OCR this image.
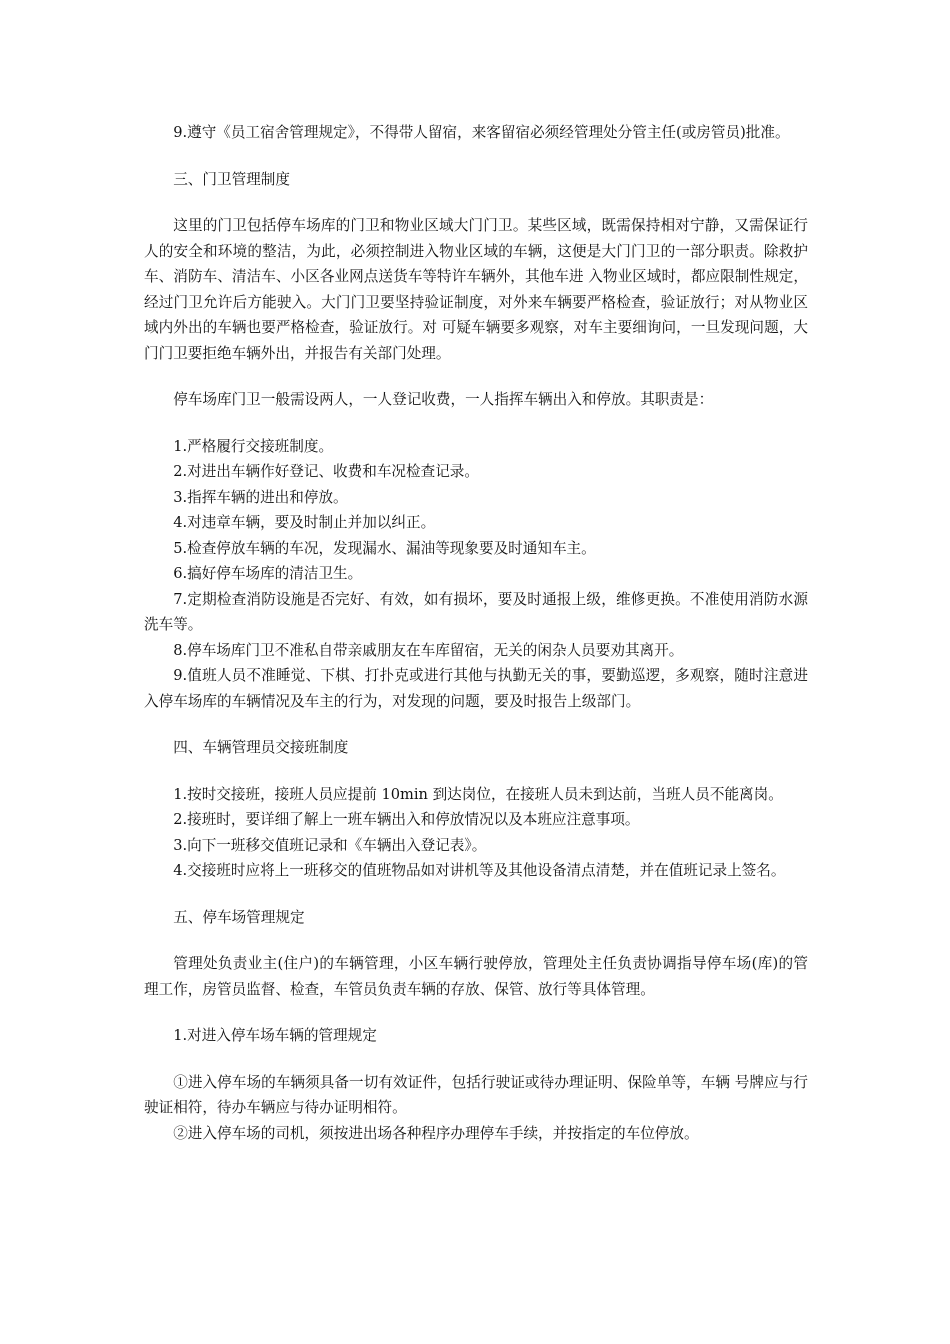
9.遵守《员工宿舍管理规定》，不得带人留宿，来客留宿必须经管理处分管主任(或房管员)批准。

三、门卫管理制度

这里的门卫包括停车场库的门卫和物业区域大门门卫。某些区域，既需保持相对宁静，又需保证行人的安全和环境的整洁，为此，必须控制进入物业区域的车辆，这便是大门门卫的一部分职责。除救护车、消防车、清洁车、小区各业网点送货车等特许车辆外，其他车进 入物业区域时，都应限制性规定，经过门卫允许后方能驶入。大门门卫要坚持验证制度，对外来车辆要严格检查，验证放行；对从物业区域内外出的车辆也要严格检查，验证放行。对 可疑车辆要多观察，对车主要细询问，一旦发现问题，大门门卫要拒绝车辆外出，并报告有关部门处理。

停车场库门卫一般需设两人，一人登记收费，一人指挥车辆出入和停放。其职责是：

1.严格履行交接班制度。

2.对进出车辆作好登记、收费和车况检查记录。

3.指挥车辆的进出和停放。

4.对违章车辆，要及时制止并加以纠正。

5.检查停放车辆的车况，发现漏水、漏油等现象要及时通知车主。

6.搞好停车场库的清洁卫生。

7.定期检查消防设施是否完好、有效，如有损坏，要及时通报上级，维修更换。不准使用消防水源洗车等。

8.停车场库门卫不准私自带亲戚朋友在车库留宿，无关的闲杂人员要劝其离开。

9.值班人员不准睡觉、下棋、打扑克或进行其他与执勤无关的事，要勤巡逻，多观察，随时注意进入停车场库的车辆情况及车主的行为，对发现的问题，要及时报告上级部门。

四、车辆管理员交接班制度

1.按时交接班，接班人员应提前 10min 到达岗位，在接班人员未到达前，当班人员不能离岗。

2.接班时，要详细了解上一班车辆出入和停放情况以及本班应注意事项。

3.向下一班移交值班记录和《车辆出入登记表》。

4.交接班时应将上一班移交的值班物品如对讲机等及其他设备清点清楚，并在值班记录上签名。

五、停车场管理规定

管理处负责业主(住户)的车辆管理，小区车辆行驶停放，管理处主任负责协调指导停车场(库)的管理工作，房管员监督、检查，车管员负责车辆的存放、保管、放行等具体管理。

1.对进入停车场车辆的管理规定

①进入停车场的车辆须具备一切有效证件，包括行驶证或待办理证明、保险单等，车辆 号牌应与行驶证相符，待办车辆应与待办证明相符。

②进入停车场的司机，须按进出场各种程序办理停车手续，并按指定的车位停放。
